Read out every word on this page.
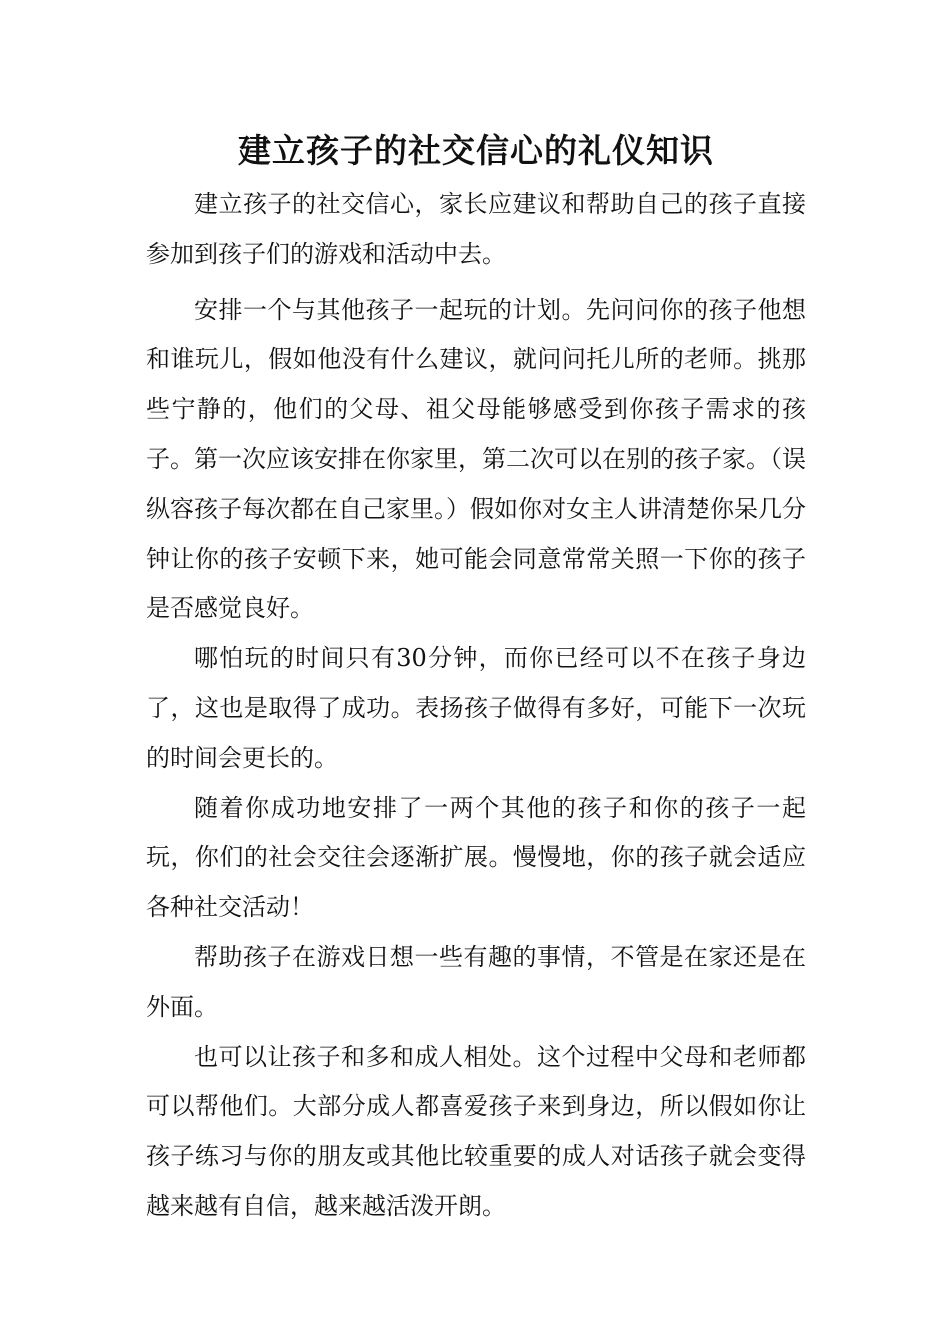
建立孩子的社交信心的礼仪知识

建立孩子的社交信心，家长应建议和帮助自己的孩子直接参加到孩子们的游戏和活动中去。

安排一个与其他孩子一起玩的计划。先问问你的孩子他想和谁玩儿，假如他没有什么建议，就问问托儿所的老师。挑那些宁静的，他们的父母、祖父母能够感受到你孩子需求的孩子。第一次应该安排在你家里，第二次可以在别的孩子家。（误纵容孩子每次都在自己家里。）假如你对女主人讲清楚你呆几分钟让你的孩子安顿下来，她可能会同意常常关照一下你的孩子是否感觉良好。

哪怕玩的时间只有30分钟，而你已经可以不在孩子身边了，这也是取得了成功。表扬孩子做得有多好，可能下一次玩的时间会更长的。

随着你成功地安排了一两个其他的孩子和你的孩子一起玩，你们的社会交往会逐渐扩展。慢慢地，你的孩子就会适应各种社交活动！

帮助孩子在游戏日想一些有趣的事情，不管是在家还是在外面。

也可以让孩子和多和成人相处。这个过程中父母和老师都可以帮他们。大部分成人都喜爱孩子来到身边，所以假如你让孩子练习与你的朋友或其他比较重要的成人对话孩子就会变得越来越有自信，越来越活泼开朗。
